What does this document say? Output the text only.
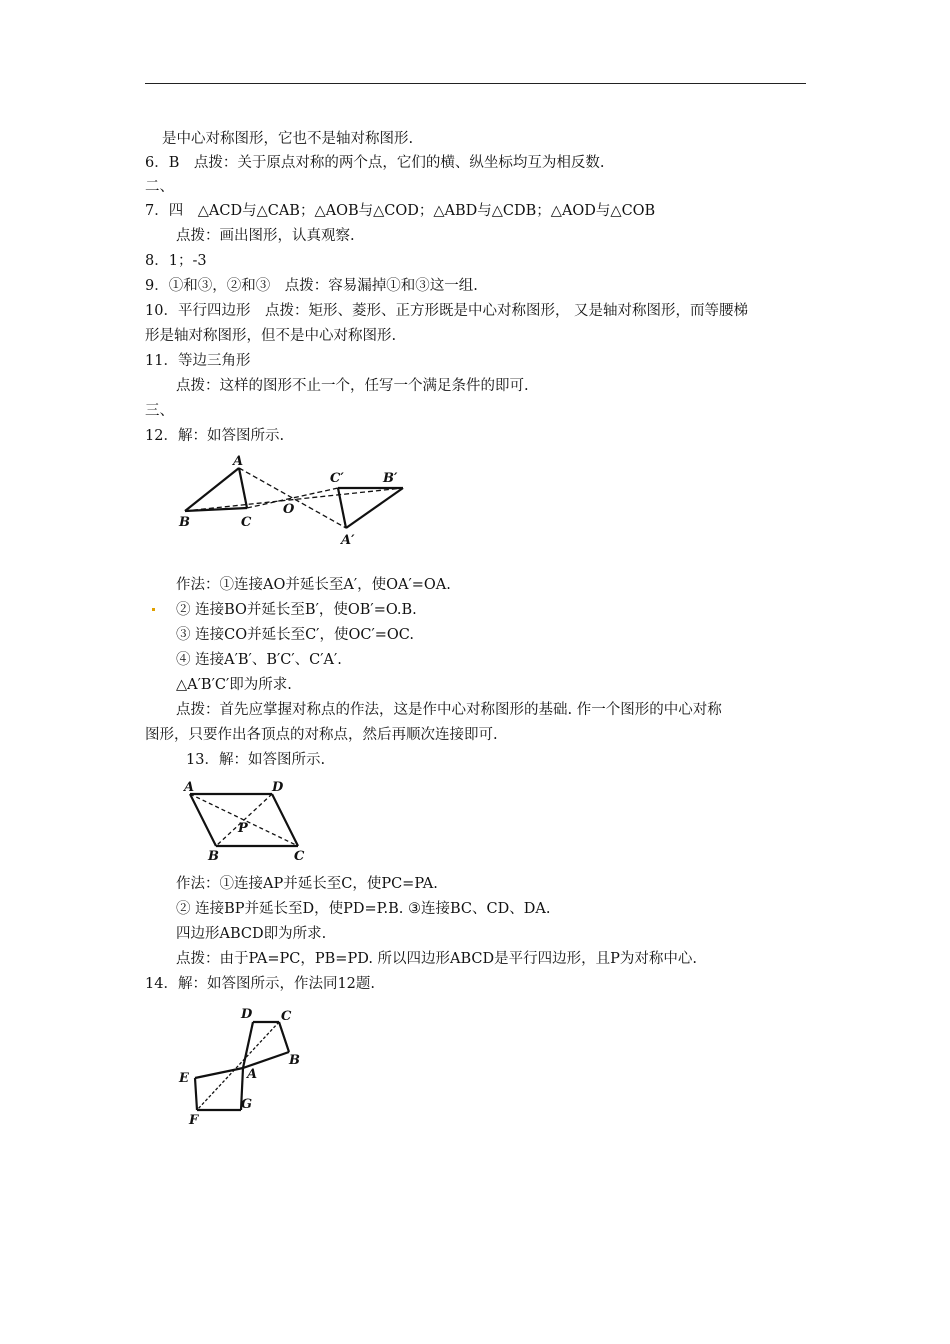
是中心对称图形，它也不是轴对称图形.
6．B　点拨：关于原点对称的两个点，它们的横、纵坐标均互为相反数.
二、
7．四　△ACD与△CAB；△AOB与△COD；△ABD与△CDB；△AOD与△COB
点拨：画出图形，认真观察.
8．1；-3
9．①和③，②和③　点拨：容易漏掉①和③这一组.
10．平行四边形　点拨：矩形、菱形、正方形既是中心对称图形， 又是轴对称图形，而等腰梯
形是轴对称图形，但不是中心对称图形.
11．等边三角形
点拨：这样的图形不止一个，任写一个满足条件的即可.
三、
12．解：如答图所示.
A
B	C
O
C′	B′
A′
作法：①连接AO并延长至A′，使OA′=OA.
② 连接BO并延长至B′，使OB′=O.B.
③ 连接CO并延长至C′，使OC′=OC.
④ 连接A′B′、B′C′、C′A′.
△A′B′C′即为所求.
点拨：首先应掌握对称点的作法，这是作中心对称图形的基础. 作一个图形的中心对称
图形，只要作出各顶点的对称点，然后再顺次连接即可.
13．解：如答图所示.
A	D
P
B	C
作法：①连接AP并延长至C，使PC=PA.
② 连接BP并延长至D，使PD=P.B. ③连接BC、CD、DA.
四边形ABCD即为所求.
点拨：由于PA=PC，PB=PD. 所以四边形ABCD是平行四边形，且P为对称中心.
14．解：如答图所示，作法同12题.
D C
B
A
E
G
F
